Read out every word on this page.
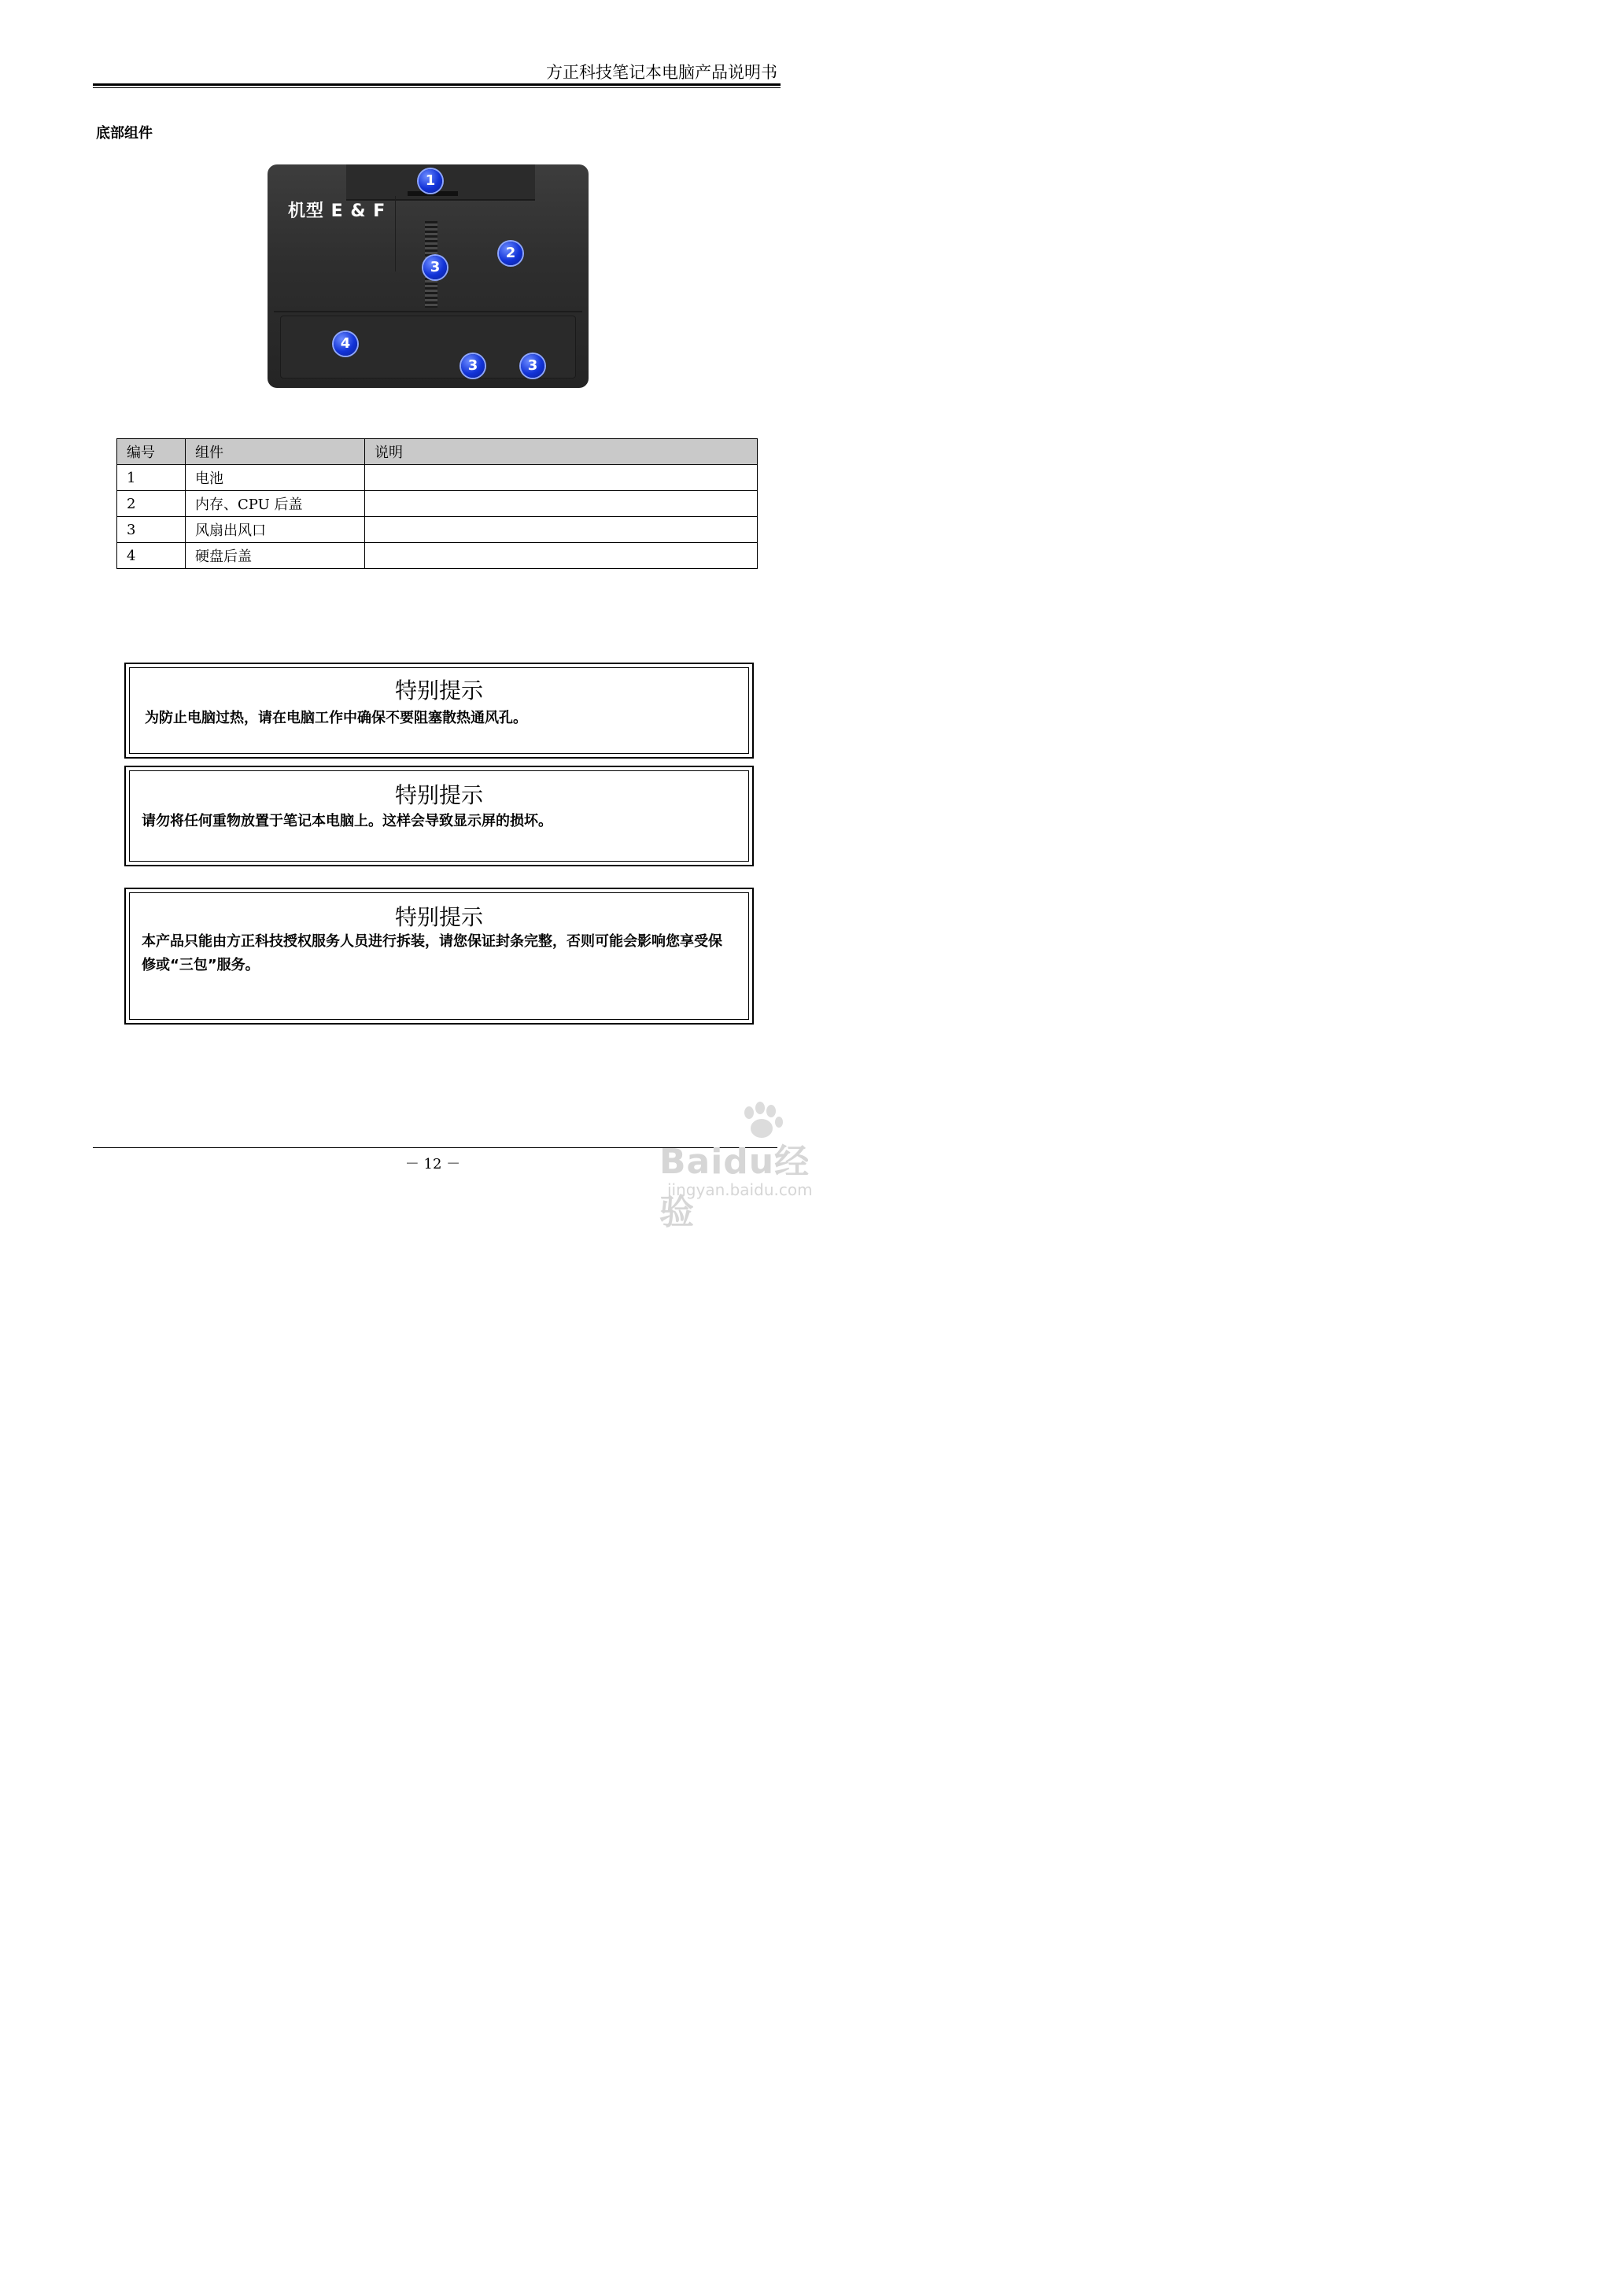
方正科技笔记本电脑产品说明书
底部组件
机型 E & F
1
2
3
3	3
4
编号	组件	说明
1	电池	
2	内存、CPU 后盖	
3	风扇出风口	
4	硬盘后盖	
特别提示
为防止电脑过热，请在电脑工作中确保不要阻塞散热通风孔。
特别提示
请勿将任何重物放置于笔记本电脑上。这样会导致显示屏的损坏。
特别提示
本产品只能由方正科技授权服务人员进行拆装，请您保证封条完整，否则可能会影响您享受保修或“三包”服务。
－ 12 －	Baidu经验
jingyan.baidu.com
